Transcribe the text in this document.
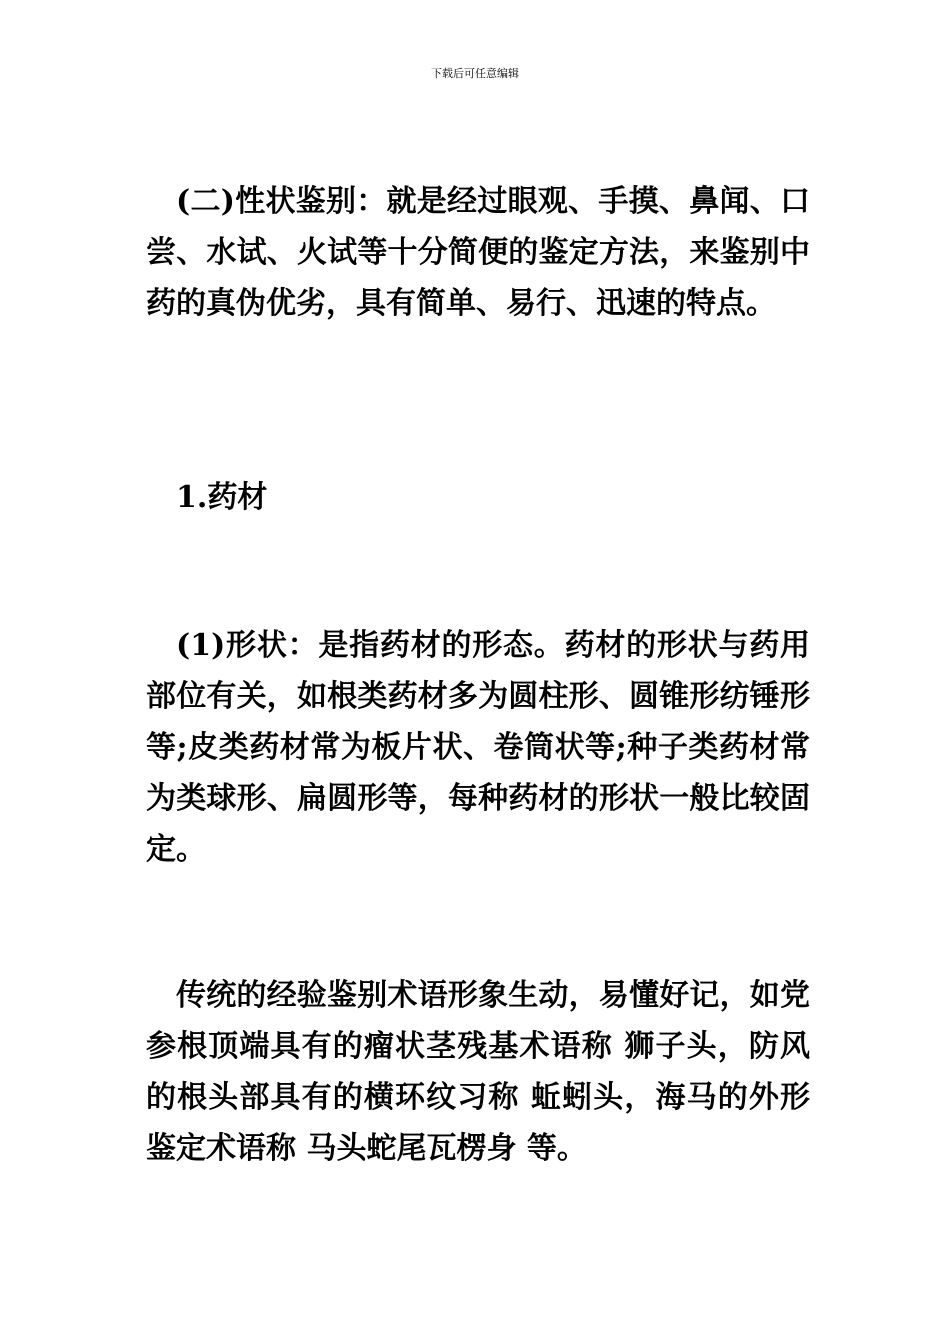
下载后可任意编辑

(二)性状鉴别：就是经过眼观、手摸、鼻闻、口尝、水试、火试等十分简便的鉴定方法，来鉴别中药的真伪优劣，具有简单、易行、迅速的特点。

1.药材

(1)形状：是指药材的形态。药材的形状与药用部位有关，如根类药材多为圆柱形、圆锥形纺锤形等;皮类药材常为板片状、卷筒状等;种子类药材常为类球形、扁圆形等，每种药材的形状一般比较固定。

传统的经验鉴别术语形象生动，易懂好记，如党参根顶端具有的瘤状茎残基术语称 狮子头，防风的根头部具有的横环纹习称 蚯蚓头，海马的外形鉴定术语称 马头蛇尾瓦楞身 等。
